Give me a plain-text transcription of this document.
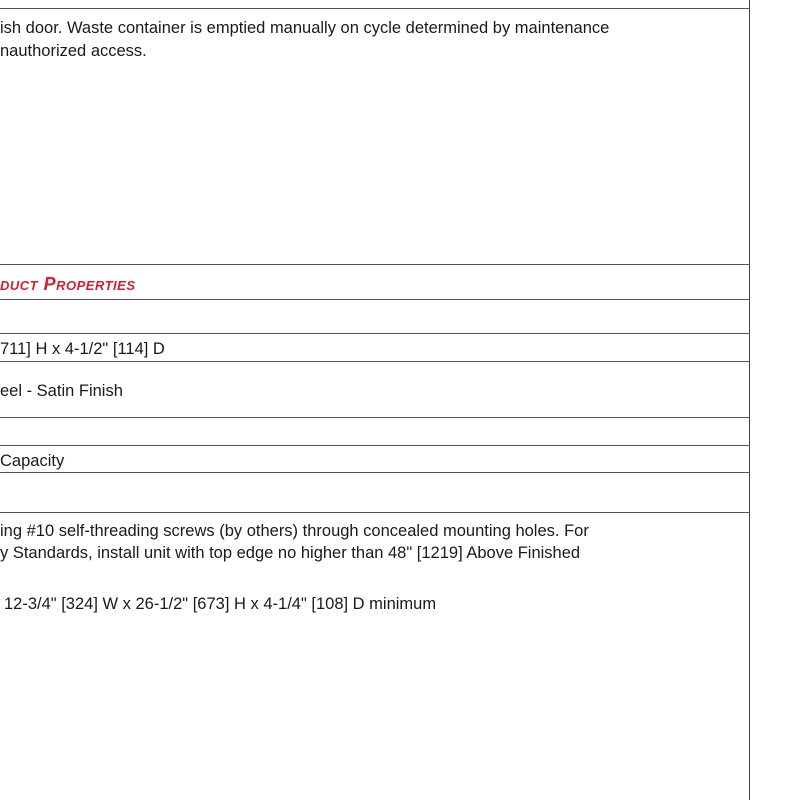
ish door. Waste container is emptied manually on cycle determined by maintenance
nauthorized access.
duct Properties
711] H x 4-1/2" [114] D
eel - Satin Finish
Capacity
ing #10 self-threading screws (by others) through concealed mounting holes. For
y Standards, install unit with top edge no higher than 48" [1219] Above Finished
12-3/4" [324] W x 26-1/2" [673] H x 4-1/4" [108] D minimum
